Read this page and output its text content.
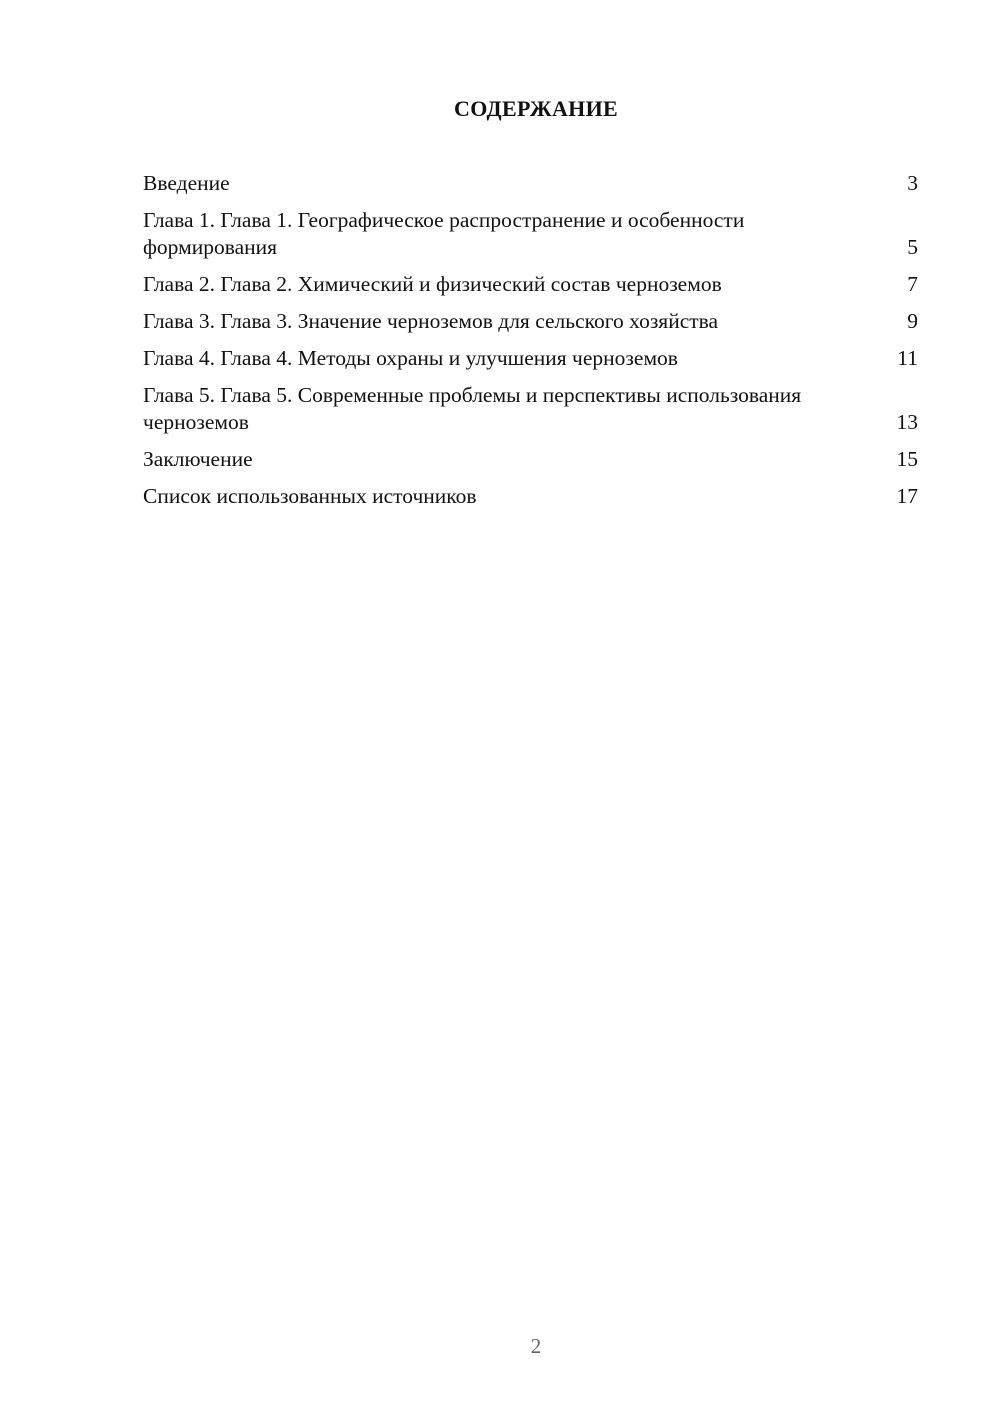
СОДЕРЖАНИЕ
Введение	3
Глава 1. Глава 1. Географическое распространение и особенности формирования	5
Глава 2. Глава 2. Химический и физический состав черноземов	7
Глава 3. Глава 3. Значение черноземов для сельского хозяйства	9
Глава 4. Глава 4. Методы охраны и улучшения черноземов	11
Глава 5. Глава 5. Современные проблемы и перспективы использования черноземов	13
Заключение	15
Список использованных источников	17
2
